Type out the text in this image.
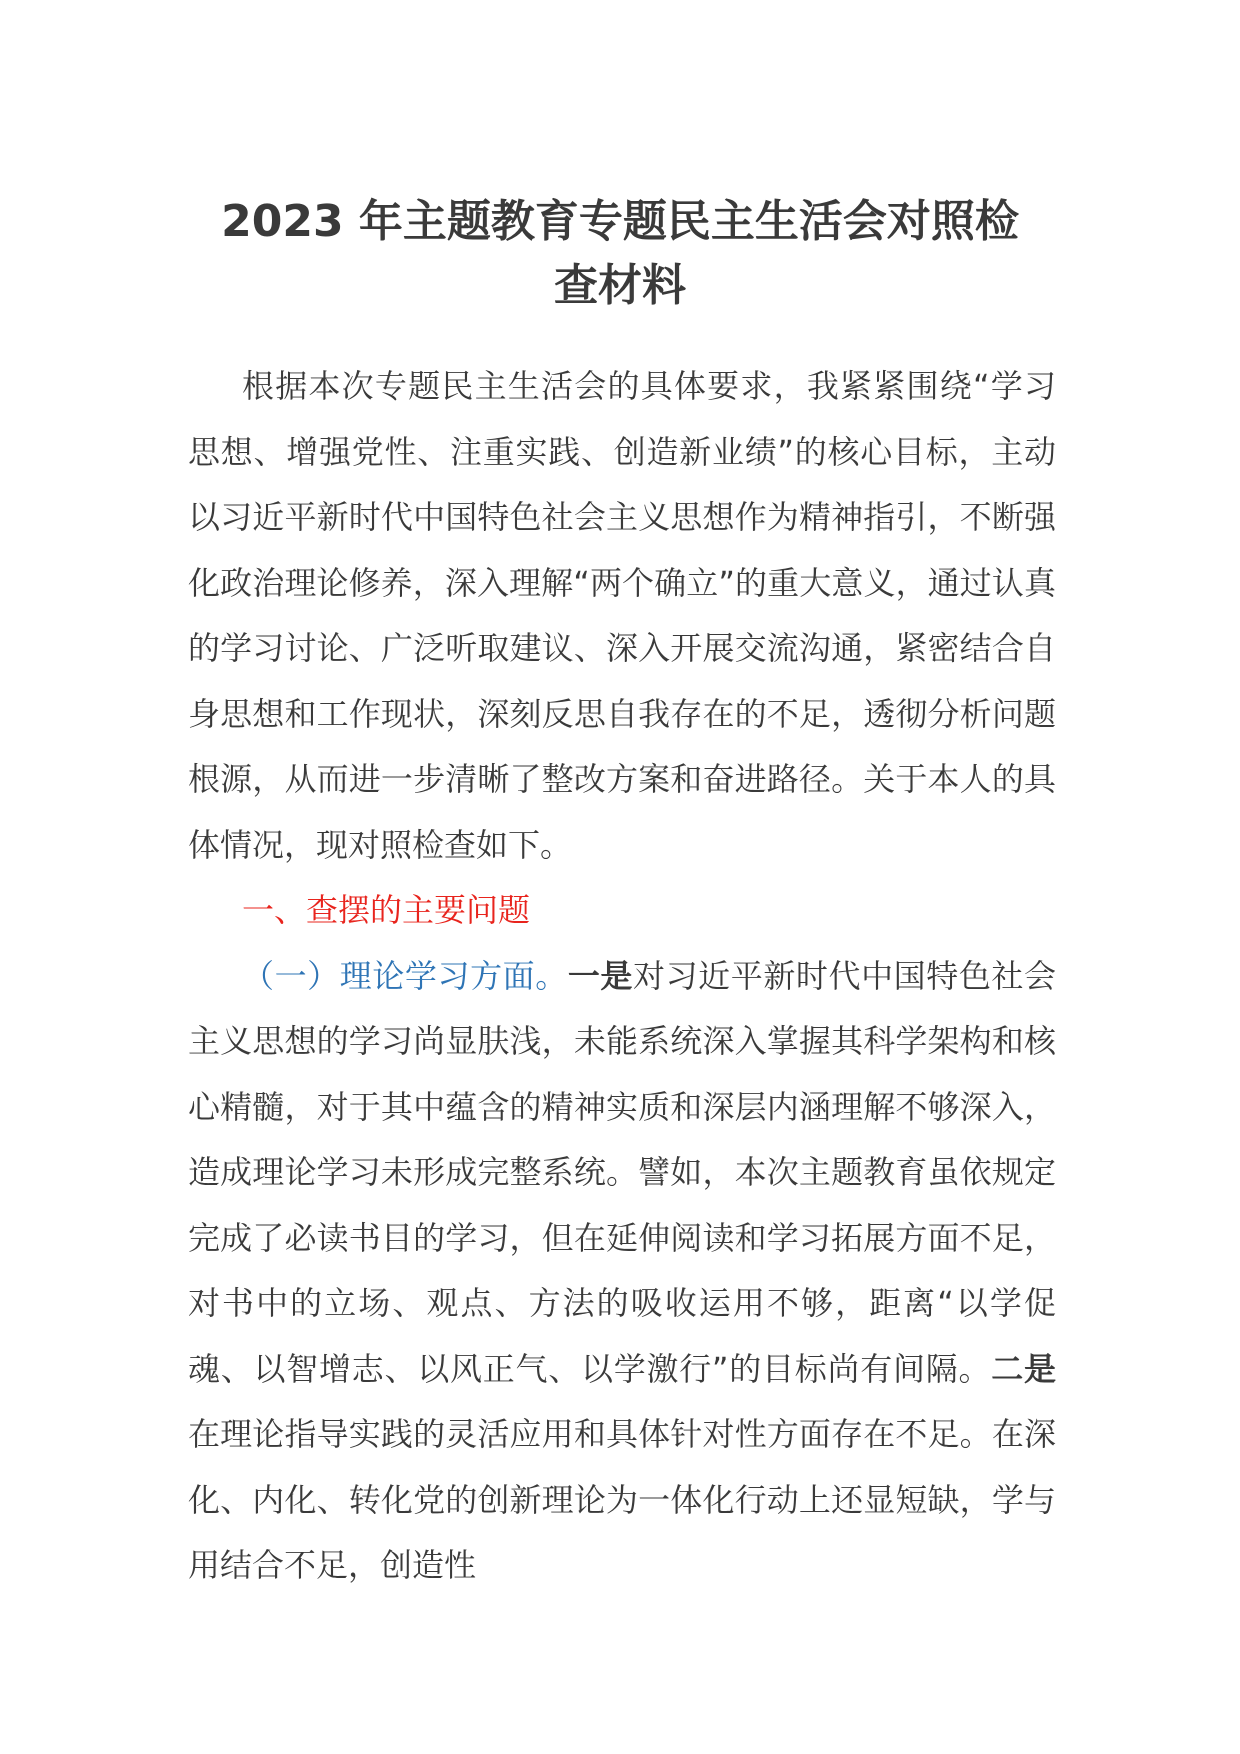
2023 年主题教育专题民主生活会对照检
查材料

根据本次专题民主生活会的具体要求，我紧紧围绕“学习思想、增强党性、注重实践、创造新业绩”的核心目标，主动以习近平新时代中国特色社会主义思想作为精神指引，不断强化政治理论修养，深入理解“两个确立”的重大意义，通过认真的学习讨论、广泛听取建议、深入开展交流沟通，紧密结合自身思想和工作现状，深刻反思自我存在的不足，透彻分析问题根源，从而进一步清晰了整改方案和奋进路径。关于本人的具体情况，现对照检查如下。

一、查摆的主要问题

（一）理论学习方面。一是对习近平新时代中国特色社会主义思想的学习尚显肤浅，未能系统深入掌握其科学架构和核心精髓，对于其中蕴含的精神实质和深层内涵理解不够深入，造成理论学习未形成完整系统。譬如，本次主题教育虽依规定完成了必读书目的学习，但在延伸阅读和学习拓展方面不足，对书中的立场、观点、方法的吸收运用不够，距离“以学促魂、以智增志、以风正气、以学激行”的目标尚有间隔。二是在理论指导实践的灵活应用和具体针对性方面存在不足。在深化、内化、转化党的创新理论为一体化行动上还显短缺，学与用结合不足，创造性
